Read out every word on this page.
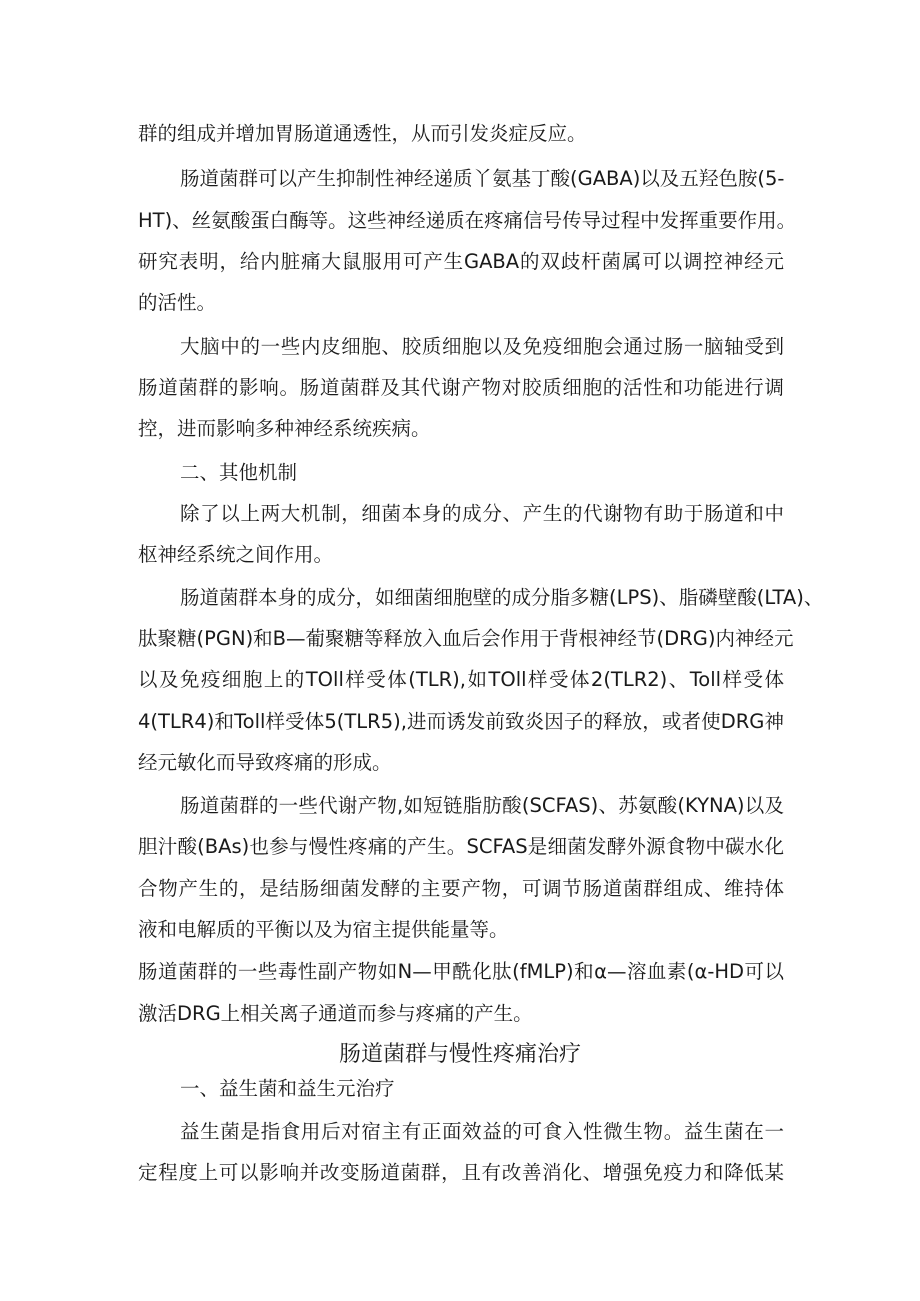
群的组成并增加胃肠道通透性，从而引发炎症反应。
肠道菌群可以产生抑制性神经递质丫氨基丁酸(GABA)以及五羟色胺(5-
HT)、丝氨酸蛋白酶等。这些神经递质在疼痛信号传导过程中发挥重要作用。
研究表明，给内脏痛大鼠服用可产生GABA的双歧杆菌属可以调控神经元
的活性。
大脑中的一些内皮细胞、胶质细胞以及免疫细胞会通过肠一脑轴受到
肠道菌群的影响。肠道菌群及其代谢产物对胶质细胞的活性和功能进行调
控，进而影响多种神经系统疾病。
二、其他机制
除了以上两大机制，细菌本身的成分、产生的代谢物有助于肠道和中
枢神经系统之间作用。
肠道菌群本身的成分，如细菌细胞壁的成分脂多糖(LPS)、脂磷壁酸(LTA)、
肽聚糖(PGN)和B—葡聚糖等释放入血后会作用于背根神经节(DRG)内神经元
以及免疫细胞上的TOll样受体(TLR),如TOll样受体2(TLR2)、Toll样受体
4(TLR4)和Toll样受体5(TLR5),进而诱发前致炎因子的释放，或者使DRG神
经元敏化而导致疼痛的形成。
肠道菌群的一些代谢产物,如短链脂肪酸(SCFAS)、苏氨酸(KYNA)以及
胆汁酸(BAs)也参与慢性疼痛的产生。SCFAS是细菌发酵外源食物中碳水化
合物产生的，是结肠细菌发酵的主要产物，可调节肠道菌群组成、维持体
液和电解质的平衡以及为宿主提供能量等。
肠道菌群的一些毒性副产物如N—甲酰化肽(fMLP)和α—溶血素(α-HD可以
激活DRG上相关离子通道而参与疼痛的产生。
肠道菌群与慢性疼痛治疗
一、益生菌和益生元治疗
益生菌是指食用后对宿主有正面效益的可食入性微生物。益生菌在一
定程度上可以影响并改变肠道菌群，且有改善消化、增强免疫力和降低某
